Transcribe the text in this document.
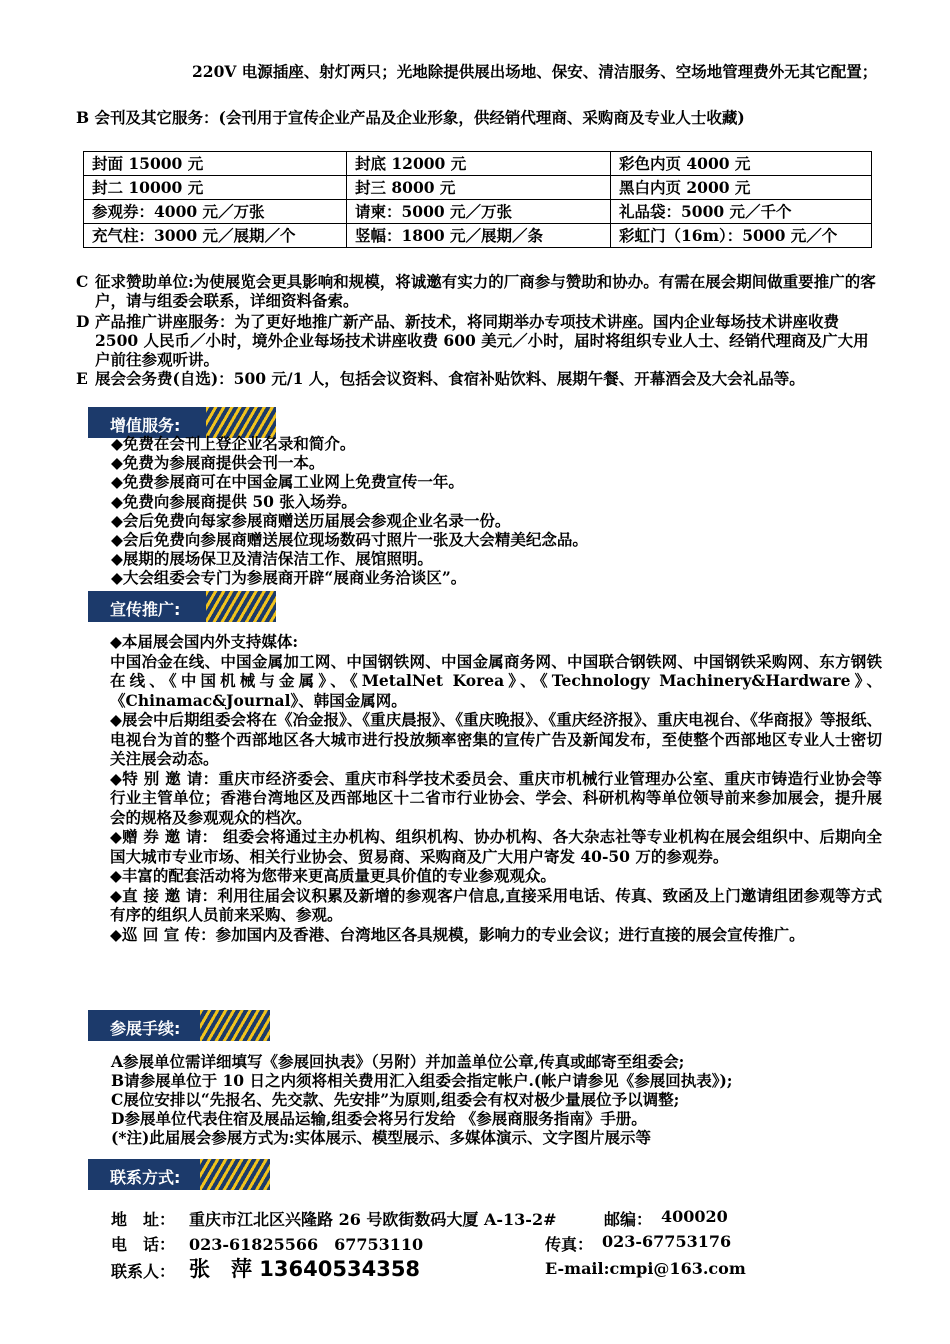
220V 电源插座、射灯两只；光地除提供展出场地、保安、清洁服务、空场地管理费外无其它配置；
B 会刊及其它服务：(会刊用于宣传企业产品及企业形象，供经销代理商、采购商及专业人士收藏)
封面 15000 元	封底 12000 元	彩色内页 4000 元
封二 10000 元	封三 8000 元	黑白内页 2000 元
参观券：4000 元／万张	请柬：5000 元／万张	礼品袋：5000 元／千个
充气柱：3000 元／展期／个	竖幅：1800 元／展期／条	彩虹门（16m）：5000 元／个
C 征求赞助单位:为使展览会更具影响和规模，将诚邀有实力的厂商参与赞助和协办。有需在展会期间做重要推广的客户，请与组委会联系，详细资料备索。
D 产品推广讲座服务：为了更好地推广新产品、新技术，将同期举办专项技术讲座。国内企业每场技术讲座收费 2500 人民币／小时，境外企业每场技术讲座收费 600 美元／小时，届时将组织专业人士、经销代理商及广大用户前往参观听讲。
E 展会会务费(自选)：500 元/1 人，包括会议资料、食宿补贴饮料、展期午餐、开幕酒会及大会礼品等。
增值服务:
◆免费在会刊上登企业名录和简介。
◆免费为参展商提供会刊一本。
◆免费参展商可在中国金属工业网上免费宣传一年。
◆免费向参展商提供 50 张入场券。
◆会后免费向每家参展商赠送历届展会参观企业名录一份。
◆会后免费向参展商赠送展位现场数码寸照片一张及大会精美纪念品。
◆展期的展场保卫及清洁保洁工作、展馆照明。
◆大会组委会专门为参展商开辟“展商业务洽谈区”。
宣传推广:
◆本届展会国内外支持媒体:
中国冶金在线、中国金属加工网、中国钢铁网、中国金属商务网、中国联合钢铁网、中国钢铁采购网、东方钢铁在线、《中国机械与金属》、《MetalNet Korea》、《Technology Machinery&Hardware》、《Chinamac&Journal》、韩国金属网。
◆展会中后期组委会将在《冶金报》、《重庆晨报》、《重庆晚报》、《重庆经济报》、重庆电视台、《华商报》等报纸、电视台为首的整个西部地区各大城市进行投放频率密集的宣传广告及新闻发布，至使整个西部地区专业人士密切关注展会动态。
◆特 别 邀 请：重庆市经济委会、重庆市科学技术委员会、重庆市机械行业管理办公室、重庆市铸造行业协会等行业主管单位；香港台湾地区及西部地区十二省市行业协会、学会、科研机构等单位领导前来参加展会，提升展会的规格及参观观众的档次。
◆赠 券 邀 请： 组委会将通过主办机构、组织机构、协办机构、各大杂志社等专业机构在展会组织中、后期向全国大城市专业市场、相关行业协会、贸易商、采购商及广大用户寄发 40-50 万的参观券。
◆丰富的配套活动将为您带来更高质量更具价值的专业参观观众。
◆直 接 邀 请：利用往届会议积累及新增的参观客户信息,直接采用电话、传真、致函及上门邀请组团参观等方式有序的组织人员前来采购、参观。
◆巡 回 宣 传：参加国内及香港、台湾地区各具规模，影响力的专业会议；进行直接的展会宣传推广。
参展手续:
A参展单位需详细填写《参展回执表》（另附）并加盖单位公章,传真或邮寄至组委会;
B请参展单位于 10 日之内须将相关费用汇入组委会指定帐户.(帐户请参见《参展回执表》);
C展位安排以“先报名、先交款、先安排”为原则,组委会有权对极少量展位予以调整;
D参展单位代表住宿及展品运输,组委会将另行发给 《参展商服务指南》手册。
(*注)此届展会参展方式为:实体展示、模型展示、多媒体演示、文字图片展示等
联系方式:
地　址： 重庆市江北区兴隆路 26 号欧街数码大厦 A-13-2#	邮编： 400020
电　话： 023-61825566　67753110	传真： 023-67753176
联系人： 张　萍 13640534358	E-mail:cmpi@163.com
